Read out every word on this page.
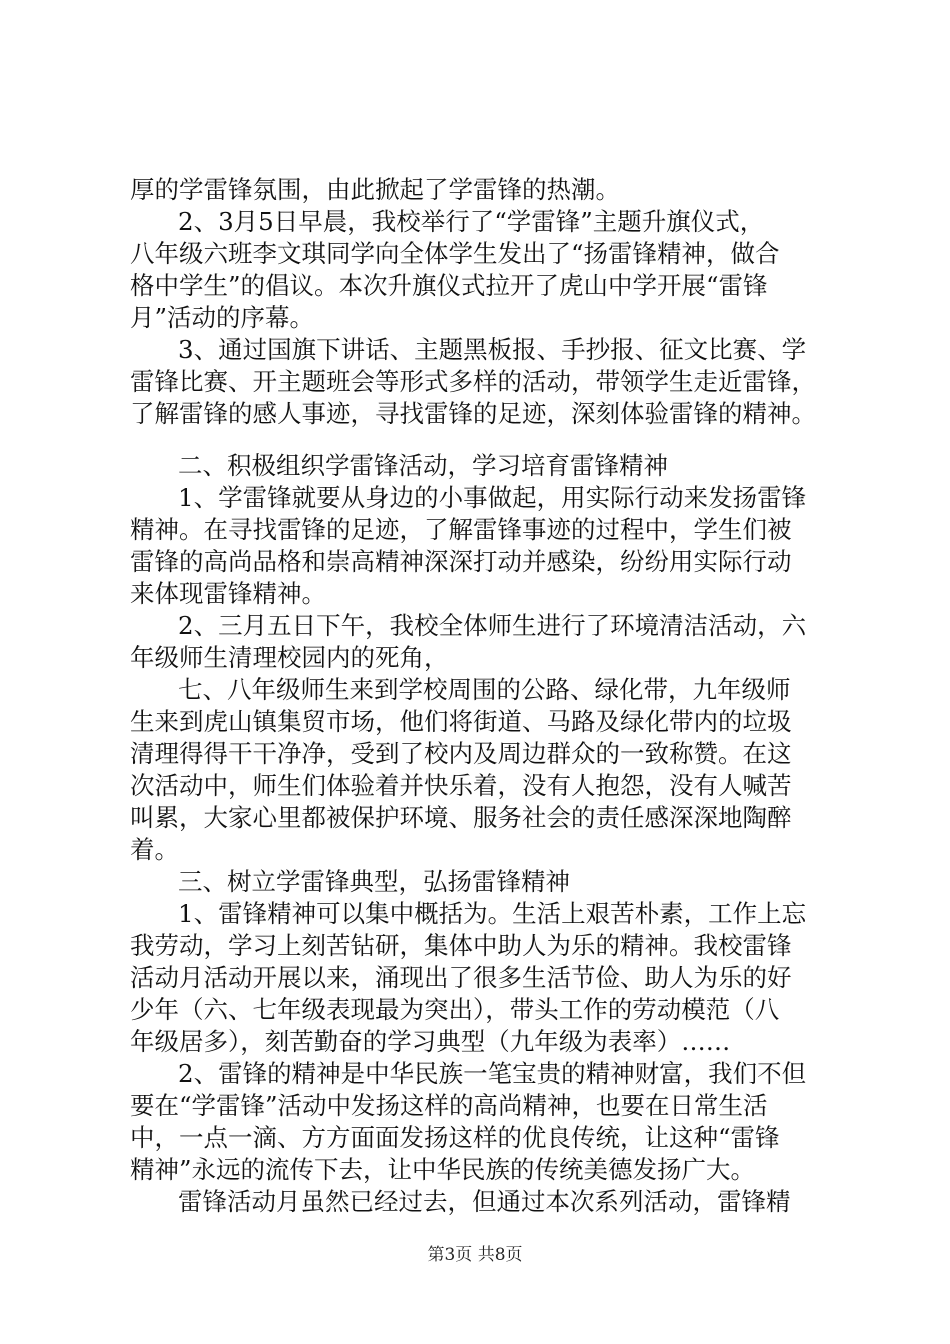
厚的学雷锋氛围，由此掀起了学雷锋的热潮。
2、3月5日早晨，我校举行了“学雷锋”主题升旗仪式，
八年级六班李文琪同学向全体学生发出了“扬雷锋精神，做合
格中学生”的倡议。本次升旗仪式拉开了虎山中学开展“雷锋
月”活动的序幕。
3、通过国旗下讲话、主题黑板报、手抄报、征文比赛、学
雷锋比赛、开主题班会等形式多样的活动，带领学生走近雷锋，
了解雷锋的感人事迹，寻找雷锋的足迹，深刻体验雷锋的精神。
二、积极组织学雷锋活动，学习培育雷锋精神
1、学雷锋就要从身边的小事做起，用实际行动来发扬雷锋
精神。在寻找雷锋的足迹，了解雷锋事迹的过程中，学生们被
雷锋的高尚品格和崇高精神深深打动并感染，纷纷用实际行动
来体现雷锋精神。
2、三月五日下午，我校全体师生进行了环境清洁活动，六
年级师生清理校园内的死角，
七、八年级师生来到学校周围的公路、绿化带，九年级师
生来到虎山镇集贸市场，他们将街道、马路及绿化带内的垃圾
清理得得干干净净，受到了校内及周边群众的一致称赞。在这
次活动中，师生们体验着并快乐着，没有人抱怨，没有人喊苦
叫累，大家心里都被保护环境、服务社会的责任感深深地陶醉
着。
三、树立学雷锋典型，弘扬雷锋精神
1、雷锋精神可以集中概括为。生活上艰苦朴素，工作上忘
我劳动，学习上刻苦钻研，集体中助人为乐的精神。我校雷锋
活动月活动开展以来，涌现出了很多生活节俭、助人为乐的好
少年（六、七年级表现最为突出），带头工作的劳动模范（八
年级居多），刻苦勤奋的学习典型（九年级为表率）……
2、雷锋的精神是中华民族一笔宝贵的精神财富，我们不但
要在“学雷锋”活动中发扬这样的高尚精神，也要在日常生活
中，一点一滴、方方面面发扬这样的优良传统，让这种“雷锋
精神”永远的流传下去，让中华民族的传统美德发扬广大。
雷锋活动月虽然已经过去，但通过本次系列活动，雷锋精
第3页 共8页
